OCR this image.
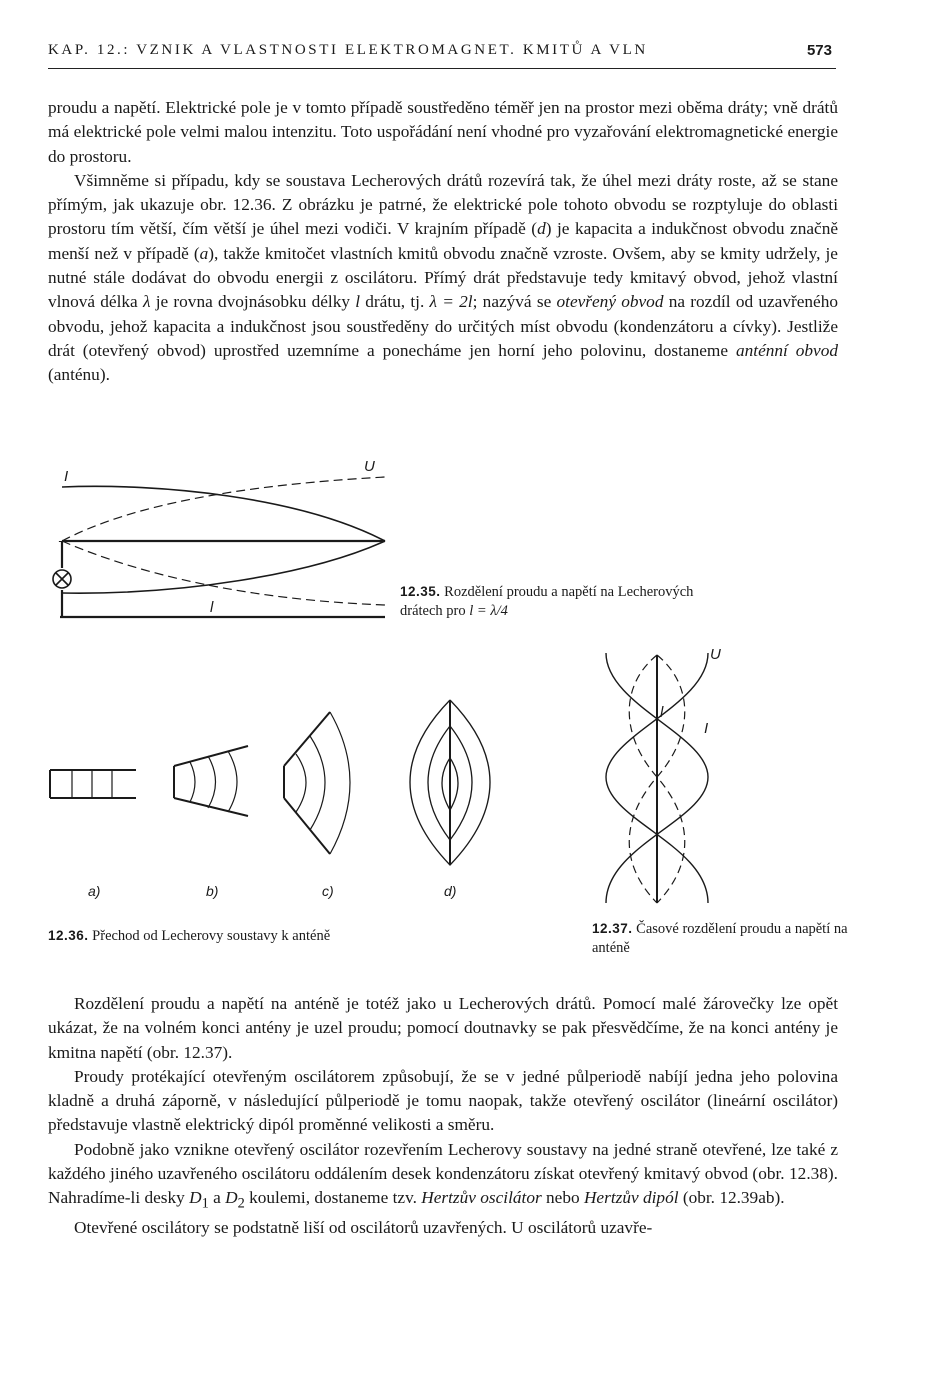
KAP. 12.: VZNIK A VLASTNOSTI ELEKTROMAGNET. KMITŮ A VLN	573

proudu a napětí. Elektrické pole je v tomto případě soustředěno téměř jen na prostor mezi oběma dráty; vně drátů má elektrické pole velmi malou intenzitu. Toto uspořádání není vhodné pro vyzařování elektromagnetické energie do prostoru.

Všimněme si případu, kdy se soustava Lecherových drátů rozevírá tak, že úhel mezi dráty roste, až se stane přímým, jak ukazuje obr. 12.36. Z obrázku je patrné, že elektrické pole tohoto obvodu se rozptyluje do oblasti prostoru tím větší, čím větší je úhel mezi vodiči. V krajním případě (d) je kapacita a indukčnost obvodu značně menší než v případě (a), takže kmitočet vlastních kmitů obvodu značně vzroste. Ovšem, aby se kmity udržely, je nutné stále dodávat do obvodu energii z oscilátoru. Přímý drát představuje tedy kmitavý obvod, jehož vlastní vlnová délka λ je rovna dvojnásobku délky l drátu, tj. λ = 2l; nazývá se otevřený obvod na rozdíl od uzavřeného obvodu, jehož kapacita a indukčnost jsou soustředěny do určitých míst obvodu (kondenzátoru a cívky). Jestliže drát (otevřený obvod) uprostřed uzemníme a ponecháme jen horní jeho polovinu, dostaneme anténní obvod (anténu).

I
U
l
12.35. Rozdělení proudu a napětí na Lecherových drátech pro l = λ/4
a)	b)	c)	d)
12.36. Přechod od Lecherovy soustavy k anténě
U
l
I
12.37. Časové rozdělení proudu a napětí na anténě

Rozdělení proudu a napětí na anténě je totéž jako u Lecherových drátů. Pomocí malé žárovečky lze opět ukázat, že na volném konci antény je uzel proudu; pomocí doutnavky se pak přesvědčíme, že na konci antény je kmitna napětí (obr. 12.37).

Proudy protékající otevřeným oscilátorem způsobují, že se v jedné půlperiodě nabíjí jedna jeho polovina kladně a druhá záporně, v následující půlperiodě je tomu naopak, takže otevřený oscilátor (lineární oscilátor) představuje vlastně elektrický dipól proměnné velikosti a směru.

Podobně jako vznikne otevřený oscilátor rozevřením Lecherovy soustavy na jedné straně otevřené, lze také z každého jiného uzavřeného oscilátoru oddálením desek kondenzátoru získat otevřený kmitavý obvod (obr. 12.38). Nahradíme-li desky $D_1$ a $D_2$ koulemi, dostaneme tzv. Hertzův oscilátor nebo Hertzův dipól (obr. 12.39ab).

Otevřené oscilátory se podstatně liší od oscilátorů uzavřených. U oscilátorů uzavře-
